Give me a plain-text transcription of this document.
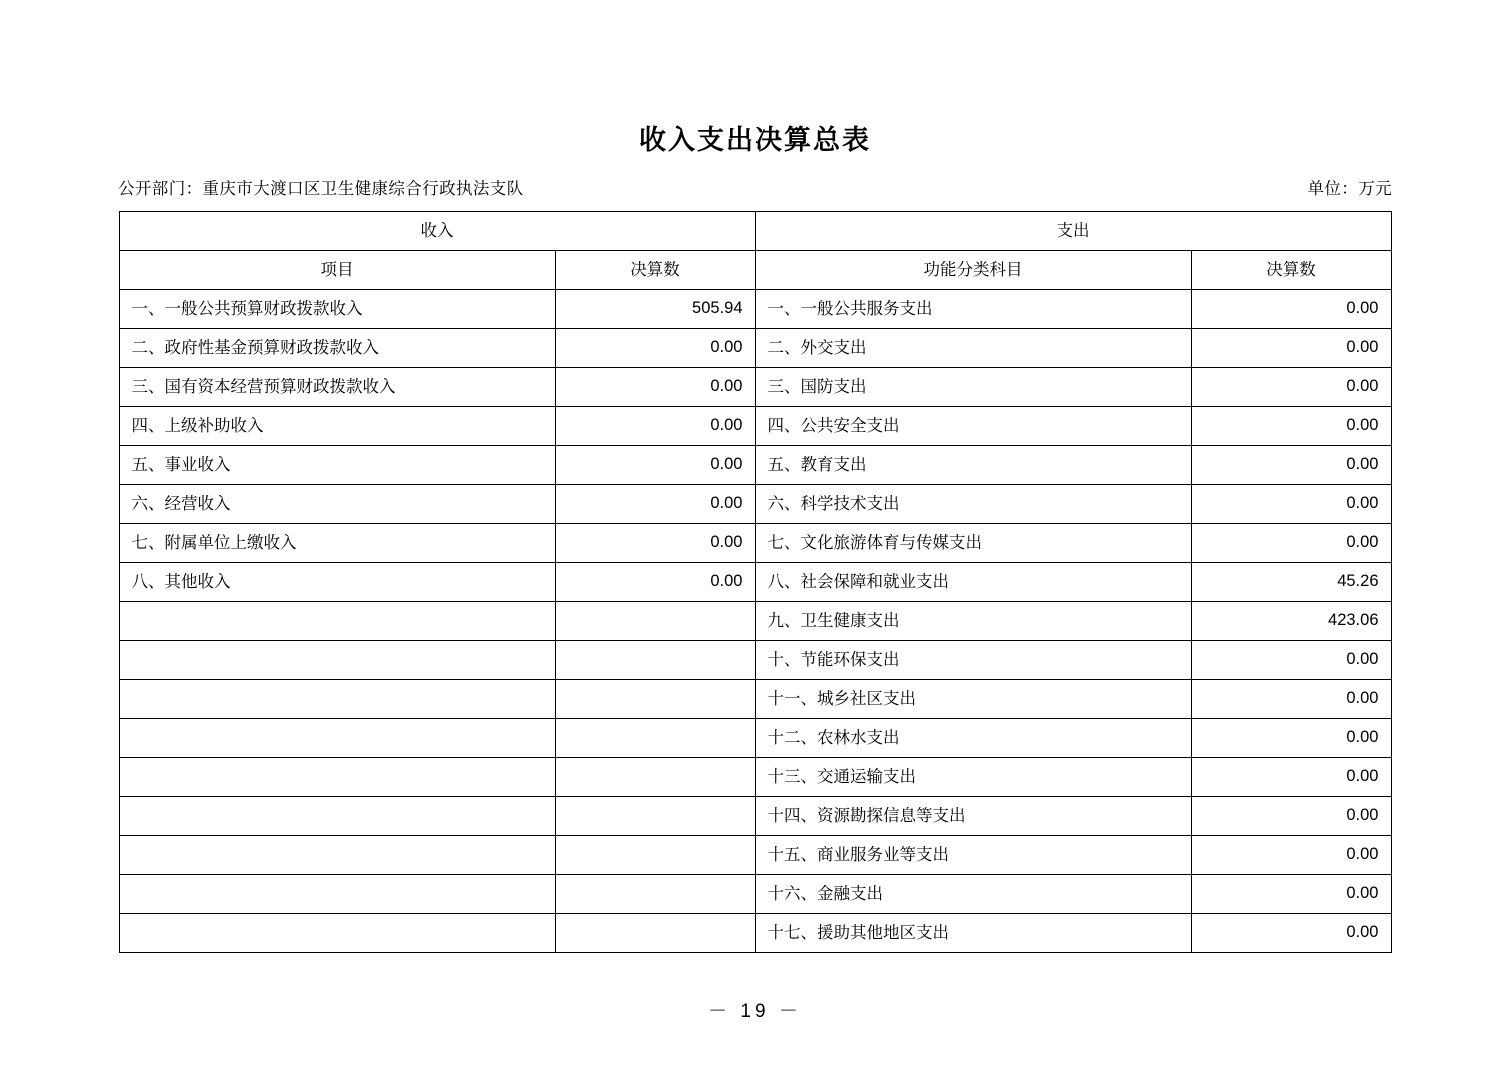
收入支出决算总表
公开部门：重庆市大渡口区卫生健康综合行政执法支队	单位：万元
收入		支出	
项目	决算数	功能分类科目	决算数
一、一般公共预算财政拨款收入	505.94	一、一般公共服务支出	0.00
二、政府性基金预算财政拨款收入	0.00	二、外交支出	0.00
三、国有资本经营预算财政拨款收入	0.00	三、国防支出	0.00
四、上级补助收入	0.00	四、公共安全支出	0.00
五、事业收入	0.00	五、教育支出	0.00
六、经营收入	0.00	六、科学技术支出	0.00
七、附属单位上缴收入	0.00	七、文化旅游体育与传媒支出	0.00
八、其他收入	0.00	八、社会保障和就业支出	45.26
		九、卫生健康支出	423.06
		十、节能环保支出	0.00
		十一、城乡社区支出	0.00
		十二、农林水支出	0.00
		十三、交通运输支出	0.00
		十四、资源勘探信息等支出	0.00
		十五、商业服务业等支出	0.00
		十六、金融支出	0.00
		十七、援助其他地区支出	0.00
－ 19 －
